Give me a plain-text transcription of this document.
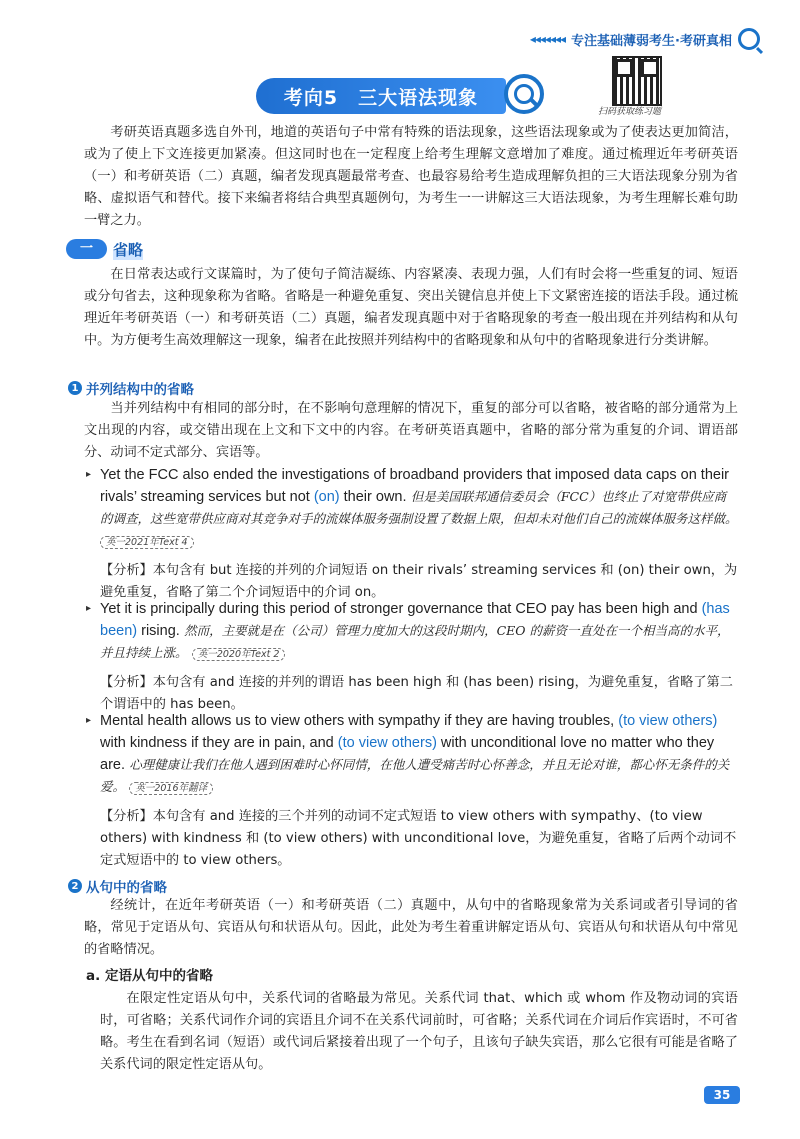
◂◂◂◂◂◂◂ 专注基础薄弱考生·考研真相
考向5　三大语法现象
扫码获取练习题
考研英语真题多选自外刊，地道的英语句子中常有特殊的语法现象，这些语法现象或为了使表达更加简洁，或为了使上下文连接更加紧凑。但这同时也在一定程度上给考生理解文意增加了难度。通过梳理近年考研英语（一）和考研英语（二）真题，编者发现真题最常考查、也最容易给考生造成理解负担的三大语法现象分别为省略、虚拟语气和替代。接下来编者将结合典型真题例句，为考生一一讲解这三大语法现象，为考生理解长难句助一臂之力。
一	省略
在日常表达或行文谋篇时，为了使句子简洁凝练、内容紧凑、表现力强，人们有时会将一些重复的词、短语或分句省去，这种现象称为省略。省略是一种避免重复、突出关键信息并使上下文紧密连接的语法手段。通过梳理近年考研英语（一）和考研英语（二）真题，编者发现真题中对于省略现象的考查一般出现在并列结构和从句中。为方便考生高效理解这一现象，编者在此按照并列结构中的省略现象和从句中的省略现象进行分类讲解。
1 并列结构中的省略
当并列结构中有相同的部分时，在不影响句意理解的情况下，重复的部分可以省略，被省略的部分通常为上文出现的内容，或交错出现在上文和下文中的内容。在考研英语真题中，省略的部分常为重复的介词、谓语部分、动词不定式部分、宾语等。
▸ Yet the FCC also ended the investigations of broadband providers that imposed data caps on their rivals’ streaming services but not (on) their own. 但是美国联邦通信委员会（FCC）也终止了对宽带供应商的调查，这些宽带供应商对其竞争对手的流媒体服务强制设置了数据上限，但却未对他们自己的流媒体服务这样做。 英一2021年Text 4
【分析】本句含有 but 连接的并列的介词短语 on their rivals’ streaming services 和 (on) their own，为避免重复，省略了第二个介词短语中的介词 on。
▸ Yet it is principally during this period of stronger governance that CEO pay has been high and (has been) rising. 然而，主要就是在（公司）管理力度加大的这段时期内，CEO 的薪资一直处在一个相当高的水平，并且持续上涨。 英一2020年Text 2
【分析】本句含有 and 连接的并列的谓语 has been high 和 (has been) rising，为避免重复，省略了第二个谓语中的 has been。
▸ Mental health allows us to view others with sympathy if they are having troubles, (to view others) with kindness if they are in pain, and (to view others) with unconditional love no matter who they are. 心理健康让我们在他人遇到困难时心怀同情，在他人遭受痛苦时心怀善念，并且无论对谁，都心怀无条件的关爱。 英一2016年翻译
【分析】本句含有 and 连接的三个并列的动词不定式短语 to view others with sympathy、(to view others) with kindness 和 (to view others) with unconditional love，为避免重复，省略了后两个动词不定式短语中的 to view others。
2 从句中的省略
经统计，在近年考研英语（一）和考研英语（二）真题中，从句中的省略现象常为关系词或者引导词的省略，常见于定语从句、宾语从句和状语从句。因此，此处为考生着重讲解定语从句、宾语从句和状语从句中常见的省略情况。
a. 定语从句中的省略
在限定性定语从句中，关系代词的省略最为常见。关系代词 that、which 或 whom 作及物动词的宾语时，可省略；关系代词作介词的宾语且介词不在关系代词前时，可省略；关系代词在介词后作宾语时，不可省略。考生在看到名词（短语）或代词后紧接着出现了一个句子，且该句子缺失宾语，那么它很有可能是省略了关系代词的限定性定语从句。
35
